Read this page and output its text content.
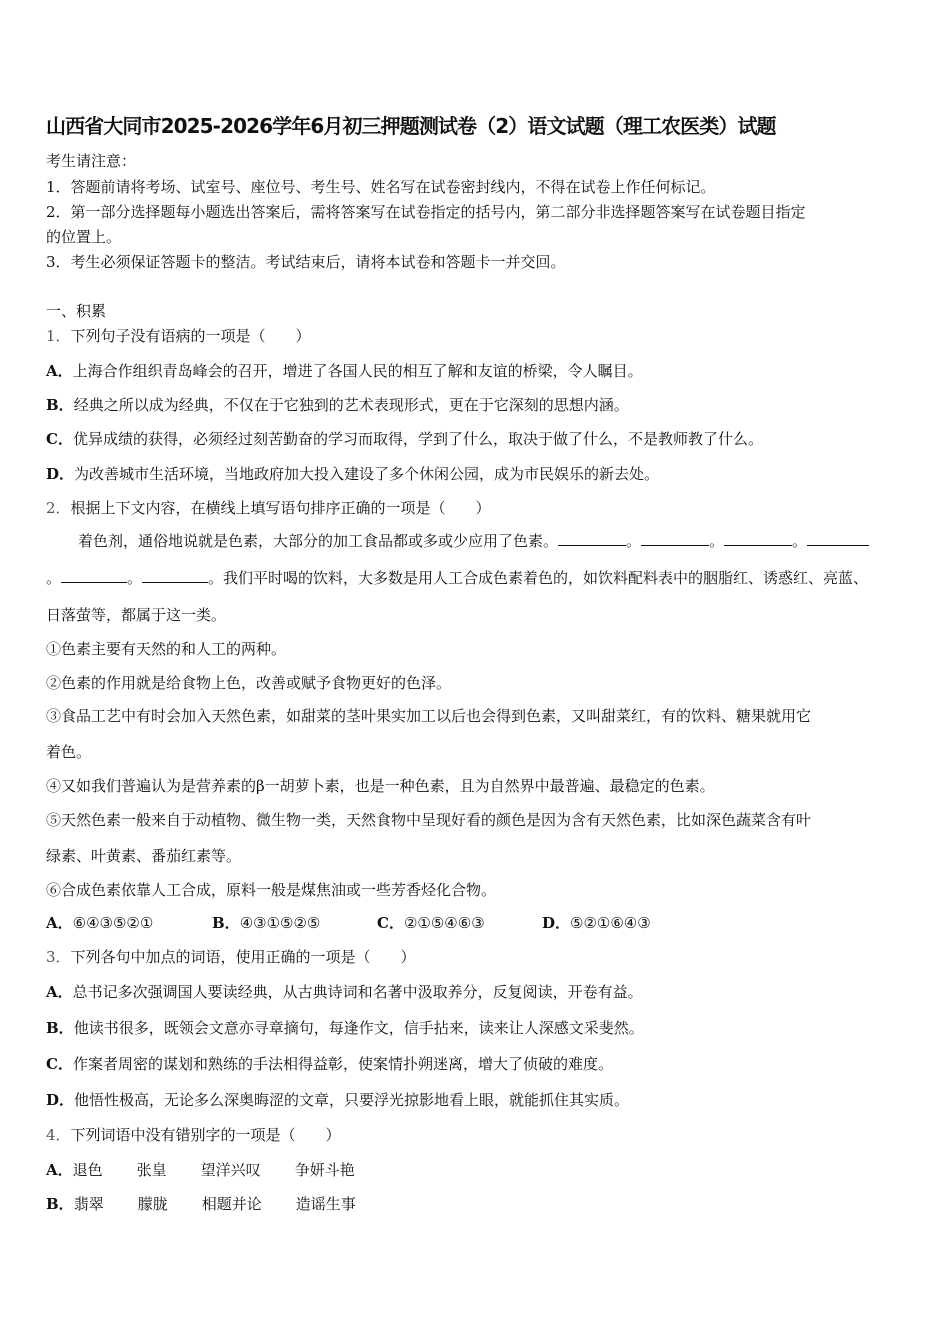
山西省大同市2025-2026学年6月初三押题测试卷（2）语文试题（理工农医类）试题
考生请注意：
1．答题前请将考场、试室号、座位号、考生号、姓名写在试卷密封线内，不得在试卷上作任何标记。
2．第一部分选择题每小题选出答案后，需将答案写在试卷指定的括号内，第二部分非选择题答案写在试卷题目指定
的位置上。
3．考生必须保证答题卡的整洁。考试结束后，请将本试卷和答题卡一并交回。
一、积累
1．下列句子没有语病的一项是（　　）
A．上海合作组织青岛峰会的召开，增进了各国人民的相互了解和友谊的桥梁，令人瞩目。
B．经典之所以成为经典，不仅在于它独到的艺术表现形式，更在于它深刻的思想内涵。
C．优异成绩的获得，必须经过刻苦勤奋的学习而取得，学到了什么，取决于做了什么，不是教师教了什么。
D．为改善城市生活环境，当地政府加大投入建设了多个休闲公园，成为市民娱乐的新去处。
2．根据上下文内容，在横线上填写语句排序正确的一项是（　　）
着色剂，通俗地说就是色素，大部分的加工食品都或多或少应用了色素。	。	。	。
。	。	。我们平时喝的饮料，大多数是用人工合成色素着色的，如饮料配料表中的胭脂红、诱惑红、亮蓝、
日落萤等，都属于这一类。
①色素主要有天然的和人工的两种。
②色素的作用就是给食物上色，改善或赋予食物更好的色泽。
③食品工艺中有时会加入天然色素，如甜菜的茎叶果实加工以后也会得到色素，又叫甜菜红，有的饮料、糖果就用它
着色。
④又如我们普遍认为是营养素的β一胡萝卜素，也是一种色素，且为自然界中最普遍、最稳定的色素。
⑤天然色素一般来自于动植物、微生物一类，天然食物中呈现好看的颜色是因为含有天然色素，比如深色蔬菜含有叶
绿素、叶黄素、番茄红素等。
⑥合成色素依靠人工合成，原料一般是煤焦油或一些芳香烃化合物。
A．⑥④③⑤②①	B．④③①⑤②⑤	C．②①⑤④⑥③	D．⑤②①⑥④③
3．下列各句中加点的词语，使用正确的一项是（　　）
A．总书记多次强调国人要读经典，从古典诗词和名著中汲取养分，反复阅读，开卷有益。
B．他读书很多，既领会文意亦寻章摘句，每逢作文，信手拈来，读来让人深感文采斐然。
C．作案者周密的谋划和熟练的手法相得益彰，使案情扑朔迷离，增大了侦破的难度。
D．他悟性极高，无论多么深奥晦涩的文章，只要浮光掠影地看上眼，就能抓住其实质。
4．下列词语中没有错别字的一项是（　　）
A．退色 张皇 望洋兴叹 争妍斗艳
B．翡翠 朦胧 相题并论 造谣生事
